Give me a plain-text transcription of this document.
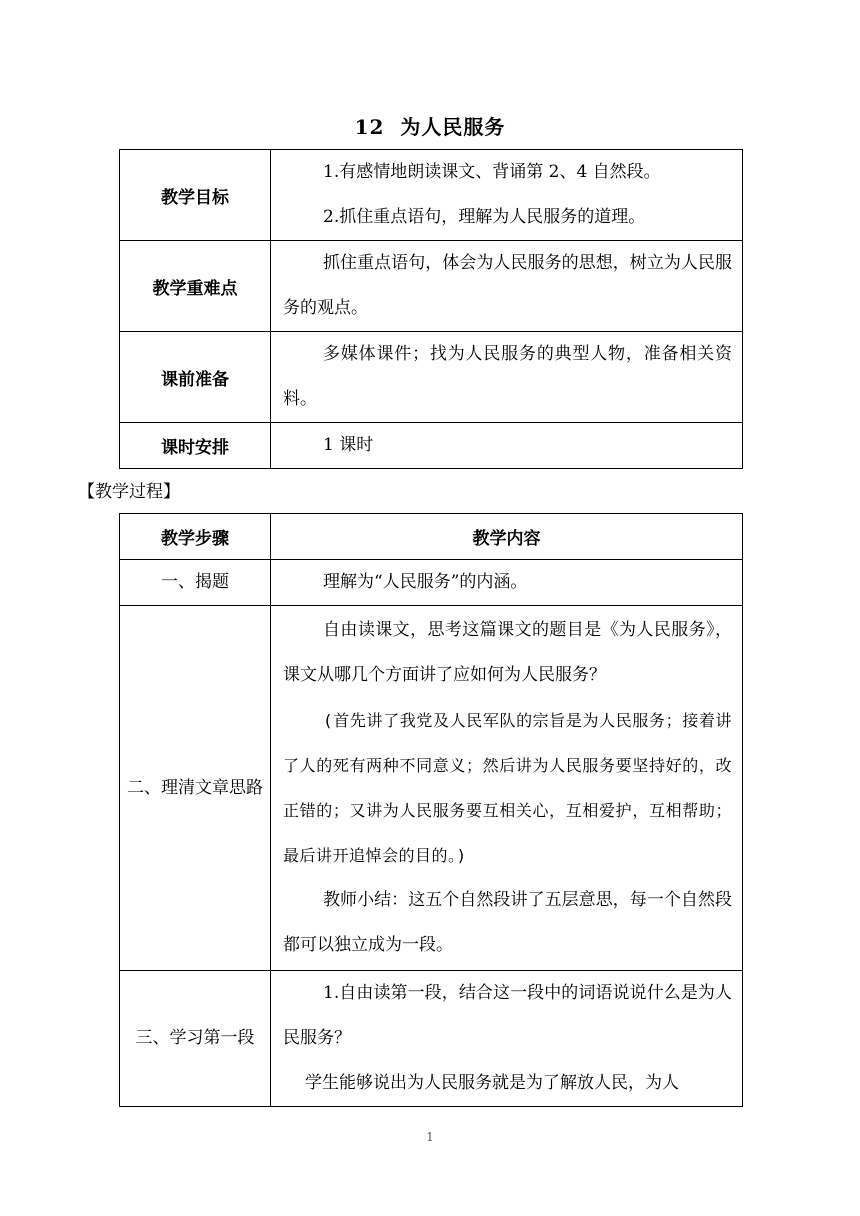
12 为人民服务
教学目标	1.有感情地朗读课文、背诵第 2、4 自然段。

2.抓住重点语句，理解为人民服务的道理。

教学重难点	抓住重点语句，体会为人民服务的思想，树立为人民服务的观点。

课前准备	多媒体课件；找为人民服务的典型人物，准备相关资料。

课时安排	1 课时

【教学过程】
教学步骤	教学内容
一、揭题	理解为“人民服务”的内涵。

二、理清文章思路	自由读课文，思考这篇课文的题目是《为人民服务》，课文从哪几个方面讲了应如何为人民服务？

(首先讲了我党及人民军队的宗旨是为人民服务；接着讲了人的死有两种不同意义；然后讲为人民服务要坚持好的，改正错的；又讲为人民服务要互相关心，互相爱护，互相帮助；最后讲开追悼会的目的。)

教师小结：这五个自然段讲了五层意思，每一个自然段都可以独立成为一段。

三、学习第一段	1.自由读第一段，结合这一段中的词语说说什么是为人民服务？

学生能够说出为人民服务就是为了解放人民，为人

1
